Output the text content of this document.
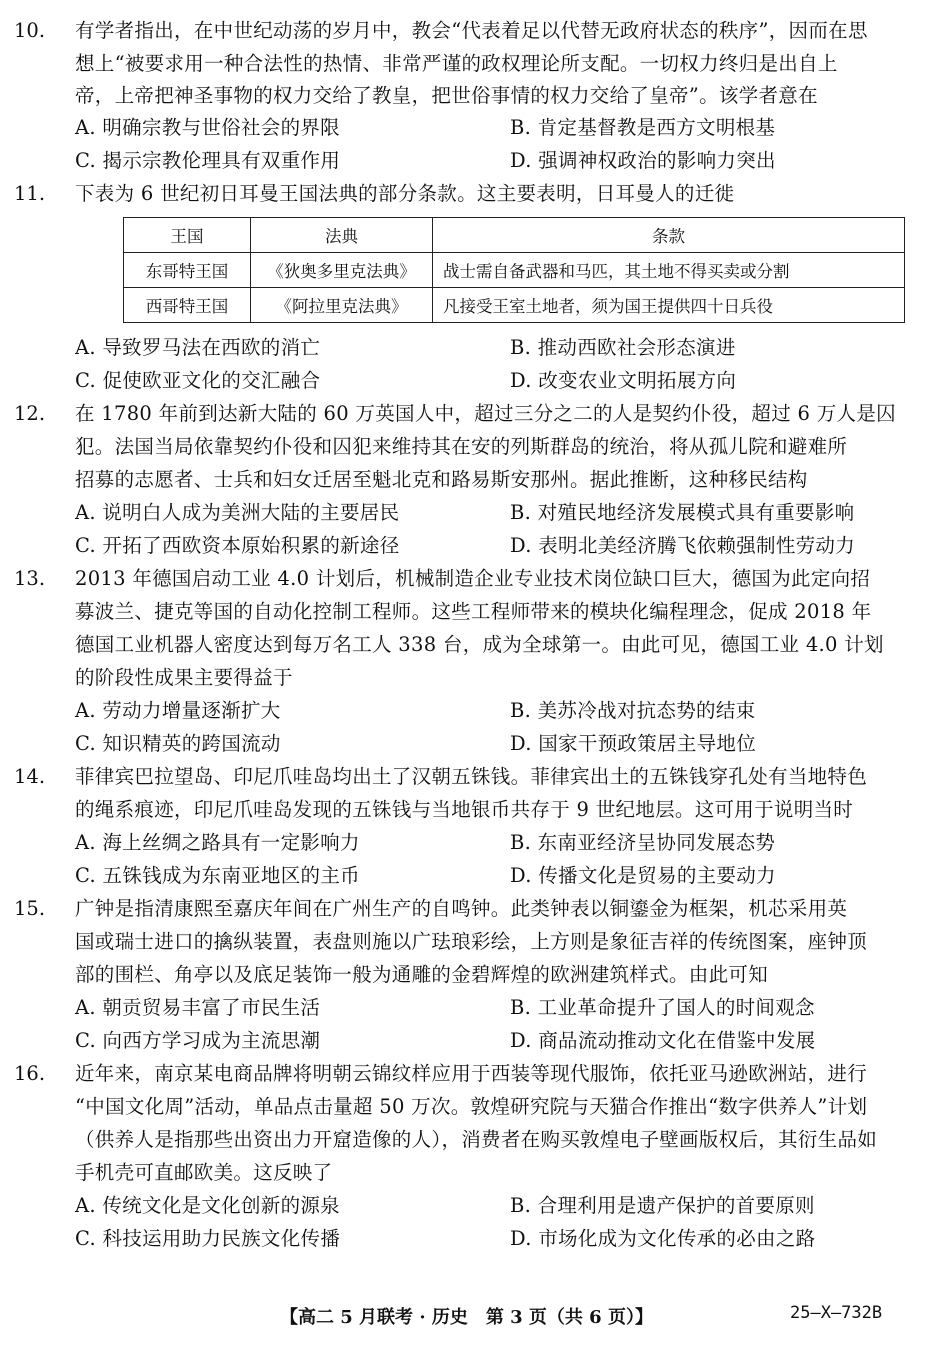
10. 有学者指出，在中世纪动荡的岁月中，教会“代表着足以代替无政府状态的秩序”，因而在思
想上“被要求用一种合法性的热情、非常严谨的政权理论所支配。一切权力终归是出自上
帝，上帝把神圣事物的权力交给了教皇，把世俗事情的权力交给了皇帝”。该学者意在
A. 明确宗教与世俗社会的界限	B. 肯定基督教是西方文明根基
C. 揭示宗教伦理具有双重作用	D. 强调神权政治的影响力突出
11. 下表为 6 世纪初日耳曼王国法典的部分条款。这主要表明，日耳曼人的迁徙
王国	法典	条款
东哥特王国	《狄奥多里克法典》	战士需自备武器和马匹，其土地不得买卖或分割
西哥特王国	《阿拉里克法典》	凡接受王室土地者，须为国王提供四十日兵役
A. 导致罗马法在西欧的消亡	B. 推动西欧社会形态演进
C. 促使欧亚文化的交汇融合	D. 改变农业文明拓展方向
12. 在 1780 年前到达新大陆的 60 万英国人中，超过三分之二的人是契约仆役，超过 6 万人是囚
犯。法国当局依靠契约仆役和囚犯来维持其在安的列斯群岛的统治，将从孤儿院和避难所
招募的志愿者、士兵和妇女迁居至魁北克和路易斯安那州。据此推断，这种移民结构
A. 说明白人成为美洲大陆的主要居民	B. 对殖民地经济发展模式具有重要影响
C. 开拓了西欧资本原始积累的新途径	D. 表明北美经济腾飞依赖强制性劳动力
13. 2013 年德国启动工业 4.0 计划后，机械制造企业专业技术岗位缺口巨大，德国为此定向招
募波兰、捷克等国的自动化控制工程师。这些工程师带来的模块化编程理念，促成 2018 年
德国工业机器人密度达到每万名工人 338 台，成为全球第一。由此可见，德国工业 4.0 计划
的阶段性成果主要得益于
A. 劳动力增量逐渐扩大	B. 美苏冷战对抗态势的结束
C. 知识精英的跨国流动	D. 国家干预政策居主导地位
14. 菲律宾巴拉望岛、印尼爪哇岛均出土了汉朝五铢钱。菲律宾出土的五铢钱穿孔处有当地特色
的绳系痕迹，印尼爪哇岛发现的五铢钱与当地银币共存于 9 世纪地层。这可用于说明当时
A. 海上丝绸之路具有一定影响力	B. 东南亚经济呈协同发展态势
C. 五铢钱成为东南亚地区的主币	D. 传播文化是贸易的主要动力
15. 广钟是指清康熙至嘉庆年间在广州生产的自鸣钟。此类钟表以铜鎏金为框架，机芯采用英
国或瑞士进口的擒纵装置，表盘则施以广珐琅彩绘，上方则是象征吉祥的传统图案，座钟顶
部的围栏、角亭以及底足装饰一般为通雕的金碧辉煌的欧洲建筑样式。由此可知
A. 朝贡贸易丰富了市民生活	B. 工业革命提升了国人的时间观念
C. 向西方学习成为主流思潮	D. 商品流动推动文化在借鉴中发展
16. 近年来，南京某电商品牌将明朝云锦纹样应用于西装等现代服饰，依托亚马逊欧洲站，进行
“中国文化周”活动，单品点击量超 50 万次。敦煌研究院与天猫合作推出“数字供养人”计划
（供养人是指那些出资出力开窟造像的人），消费者在购买敦煌电子壁画版权后，其衍生品如
手机壳可直邮欧美。这反映了
A. 传统文化是文化创新的源泉	B. 合理利用是遗产保护的首要原则
C. 科技运用助力民族文化传播	D. 市场化成为文化传承的必由之路
【高二 5 月联考 · 历史　第 3 页（共 6 页）】	25—X—732B
